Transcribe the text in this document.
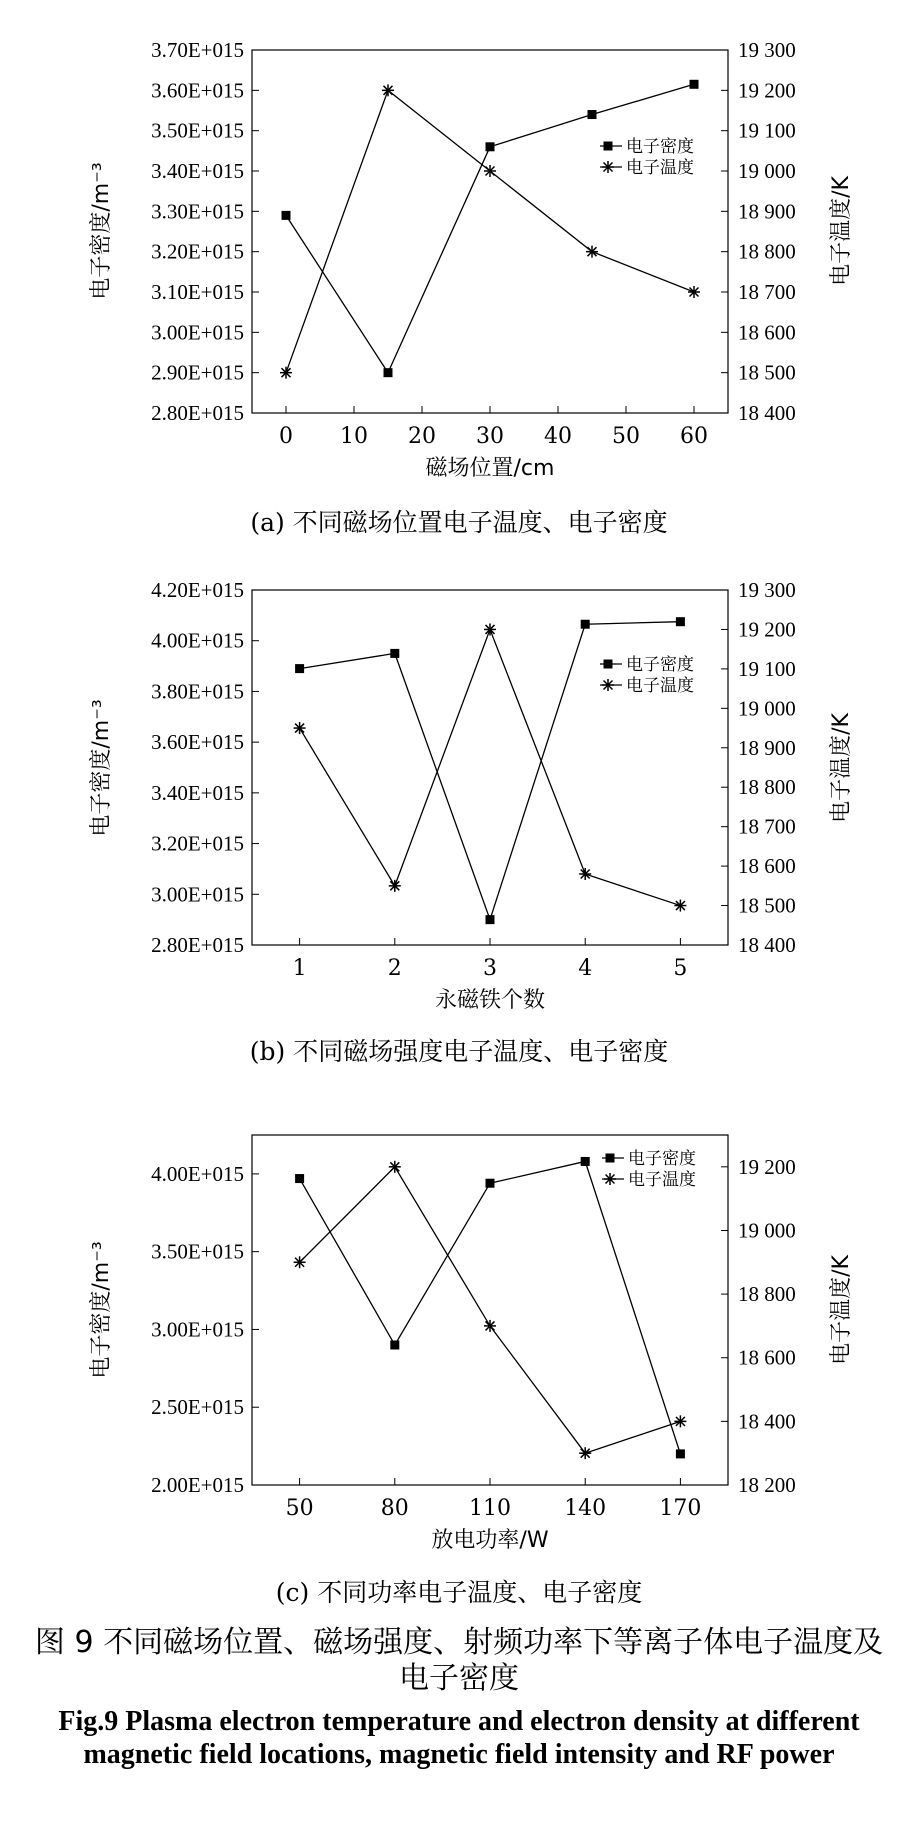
0 10 20 30 40 50 60
2.80E+015
2.90E+015
3.00E+015
3.10E+015
3.20E+015
3.30E+015
3.40E+015
3.50E+015
3.60E+015
3.70E+015
18 400
18 500
18 600
18 700
18 800
18 900
19 000
19 100
19 200
19 300
磁场位置/cm
电子密度/m⁻³	电子温度/K
电子密度
电子温度
1	2	3	4	5
2.80E+015
3.00E+015
3.20E+015
3.40E+015
3.60E+015
3.80E+015
4.00E+015
4.20E+015
18 400
18 500
18 600
18 700
18 800
18 900
19 000
19 100
19 200
19 300
永磁铁个数
电子密度/m⁻³	电子温度/K
电子密度
电子温度
50	80	110 140 170
2.00E+015
2.50E+015
3.00E+015
3.50E+015
4.00E+015
18 200
18 400
18 600
18 800
19 000
19 200
放电功率/W
电子密度/m⁻³	电子温度/K
电子密度
电子温度
(a) 不同磁场位置电子温度、电子密度
(b) 不同磁场强度电子温度、电子密度
(c) 不同功率电子温度、电子密度
图 9 不同磁场位置、磁场强度、射频功率下等离子体电子温度及电子密度
Fig.9 Plasma electron temperature and electron density at different magnetic field locations, magnetic field intensity and RF power
